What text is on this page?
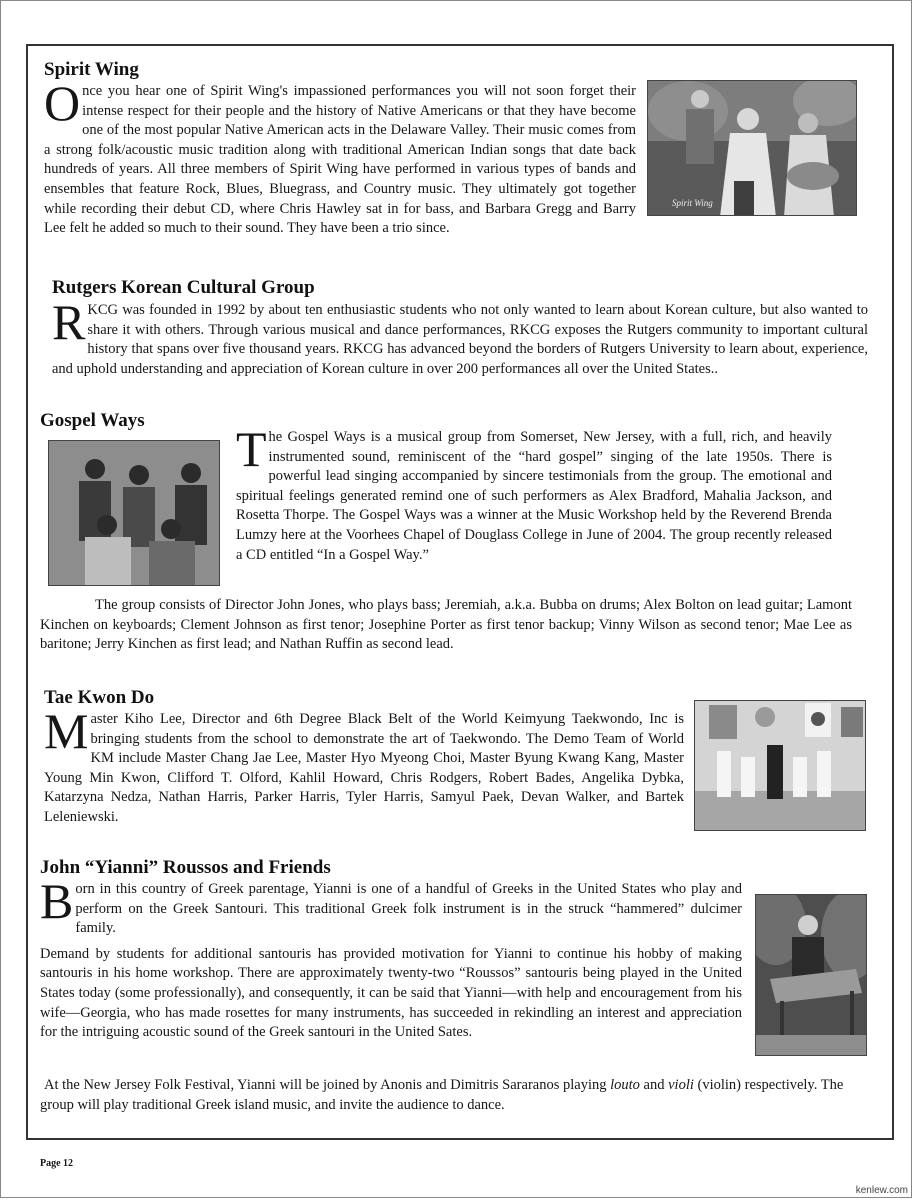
Spirit Wing

Once you hear one of Spirit Wing's impassioned performances you will not soon forget their intense respect for their people and the history of Native Americans or that they have become one of the most popular Native American acts in the Delaware Valley. Their music comes from a strong folk/acoustic music tradition along with traditional American Indian songs that date back hundreds of years. All three members of Spirit Wing have performed in various types of bands and ensembles that feature Rock, Blues, Bluegrass, and Country music. They ultimately got together while recording their debut CD, where Chris Hawley sat in for bass, and Barbara Gregg and Barry Lee felt he added so much to their sound. They have been a trio since.

Spirit Wing
Rutgers Korean Cultural Group

RKCG was founded in 1992 by about ten enthusiastic students who not only wanted to learn about Korean culture, but also wanted to share it with others. Through various musical and dance performances, RKCG exposes the Rutgers community to important cultural history that spans over five thousand years. RKCG has advanced beyond the borders of Rutgers University to learn about, experience, and uphold understanding and appreciation of Korean culture in over 200 performances all over the United States..

Gospel Ways

The Gospel Ways is a musical group from Somerset, New Jersey, with a full, rich, and heavily instrumented sound, reminiscent of the “hard gospel” singing of the late 1950s. There is powerful lead singing accompanied by sincere testimonials from the group. The emotional and spiritual feelings generated remind one of such performers as Alex Bradford, Mahalia Jackson, and Rosetta Thorpe. The Gospel Ways was a winner at the Music Workshop held by the Reverend Brenda Lumzy here at the Voorhees Chapel of Douglass College in June of 2004. The group recently released a CD entitled “In a Gospel Way.”

The group consists of Director John Jones, who plays bass; Jeremiah, a.k.a. Bubba on drums; Alex Bolton on lead guitar; Lamont Kinchen on keyboards; Clement Johnson as first tenor; Josephine Porter as first tenor backup; Vinny Wilson as second tenor; Mae Lee as baritone; Jerry Kinchen as first lead; and Nathan Ruffin as second lead.

Tae Kwon Do

Master Kiho Lee, Director and 6th Degree Black Belt of the World Keimyung Taekwondo, Inc is bringing students from the school to demonstrate the art of Taekwondo. The Demo Team of World KM include Master Chang Jae Lee, Master Hyo Myeong Choi, Master Byung Kwang Kang, Master Young Min Kwon, Clifford T. Olford, Kahlil Howard, Chris Rodgers, Robert Bades, Angelika Dybka, Katarzyna Nedza, Nathan Harris, Parker Harris, Tyler Harris, Samyul Paek, Devan Walker, and Bartek Leleniewski.

John “Yianni” Roussos and Friends

Born in this country of Greek parentage, Yianni is one of a handful of Greeks in the United States who play and perform on the Greek Santouri. This traditional Greek folk instrument is in the struck “hammered” dulcimer family.

Demand by students for additional santouris has provided motivation for Yianni to continue his hobby of making santouris in his home workshop. There are approximately twenty-two “Roussos” santouris being played in the United States today (some professionally), and consequently, it can be said that Yianni—with help and encouragement from his wife—Georgia, who has made rosettes for many instruments, has succeeded in rekindling an interest and appreciation for the intriguing acoustic sound of the Greek santouri in the United Sates.

At the New Jersey Folk Festival, Yianni will be joined by Anonis and Dimitris Sararanos playing louto and violi (violin) respectively. The group will play traditional Greek island music, and invite the audience to dance.

Page 12
kenlew.com
